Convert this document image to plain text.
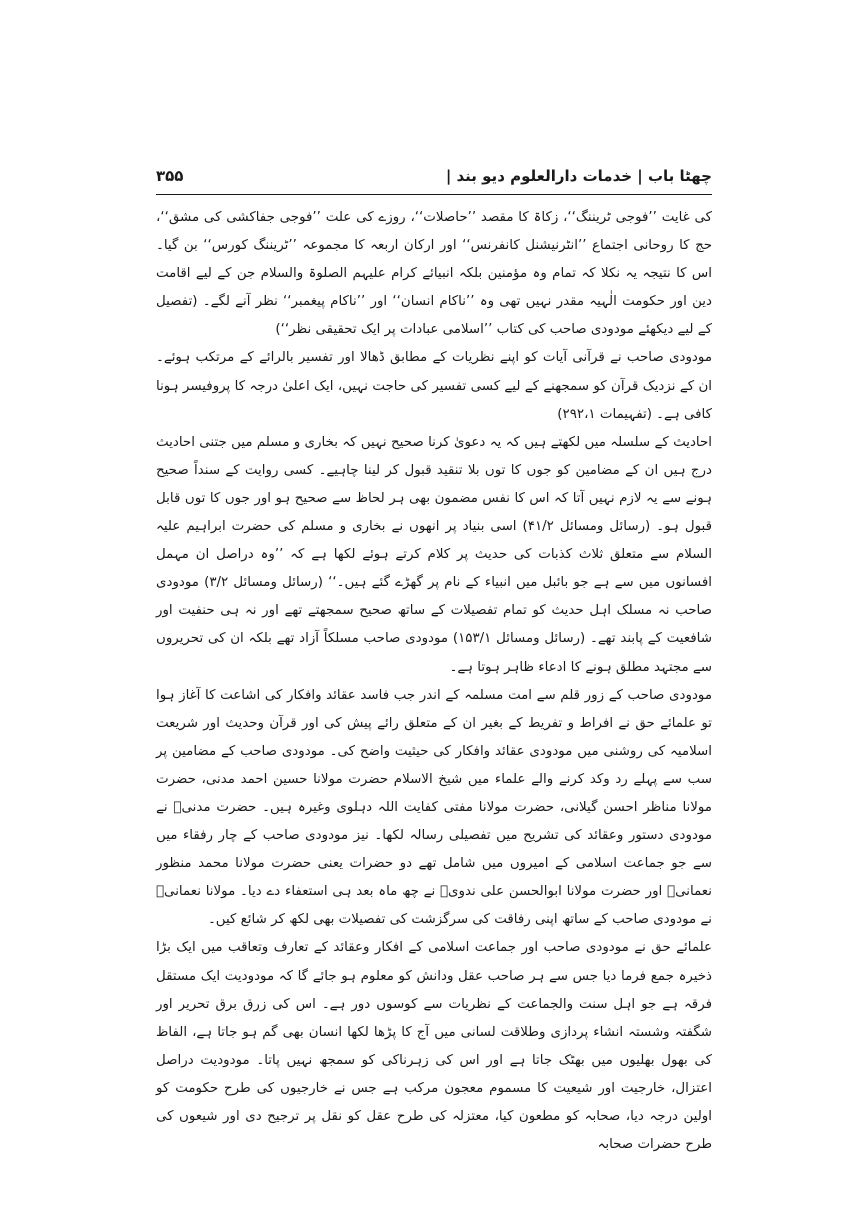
چھٹا باب | خدمات دارالعلوم دیو بند |
۳۵۵

کی غایت ’’فوجی ٹریننگ‘‘، زکاۃ کا مقصد ’’حاصلات‘‘، روزے کی علت ’’فوجی جفاکشی کی مشق‘‘، حج کا روحانی اجتماع ’’انٹرنیشنل کانفرنس‘‘ اور ارکان اربعہ کا مجموعہ ’’ٹریننگ کورس‘‘ بن گیا۔ اس کا نتیجہ یہ نکلا کہ تمام وہ مؤمنین بلکہ انبیائے کرام علیہم الصلوۃ والسلام جن کے لیے اقامت دین اور حکومت الٰہیہ مقدر نہیں تھی وہ ’’ناکام انسان‘‘ اور ’’ناکام پیغمبر‘‘ نظر آنے لگے۔ (تفصیل کے لیے دیکھئے مودودی صاحب کی کتاب ’’اسلامی عبادات پر ایک تحقیقی نظر‘‘)

مودودی صاحب نے قرآنی آیات کو اپنے نظریات کے مطابق ڈھالا اور تفسیر بالرائے کے مرتکب ہوئے۔ ان کے نزدیک قرآن کو سمجھنے کے لیے کسی تفسیر کی حاجت نہیں، ایک اعلیٰ درجہ کا پروفیسر ہونا کافی ہے۔ (تفہیمات ۲۹۲،۱)

احادیث کے سلسلہ میں لکھتے ہیں کہ یہ دعویٰ کرنا صحیح نہیں کہ بخاری و مسلم میں جتنی احادیث درج ہیں ان کے مضامین کو جوں کا توں بلا تنقید قبول کر لینا چاہیے۔ کسی روایت کے سنداً صحیح ہونے سے یہ لازم نہیں آتا کہ اس کا نفس مضمون بھی ہر لحاظ سے صحیح ہو اور جوں کا توں قابل قبول ہو۔ (رسائل ومسائل ۴۱/۲) اسی بنیاد پر انھوں نے بخاری و مسلم کی حضرت ابراہیم علیہ السلام سے متعلق ثلاث کذبات کی حدیث پر کلام کرتے ہوئے لکھا ہے کہ ’’وہ دراصل ان مہمل افسانوں میں سے ہے جو بائبل میں انبیاء کے نام پر گھڑے گئے ہیں۔‘‘ (رسائل ومسائل ۳/۲) مودودی صاحب نہ مسلک اہل حدیث کو تمام تفصیلات کے ساتھ صحیح سمجھتے تھے اور نہ ہی حنفیت اور شافعیت کے پابند تھے۔ (رسائل ومسائل ۱۵۳/۱) مودودی صاحب مسلکاً آزاد تھے بلکہ ان کی تحریروں سے مجتہد مطلق ہونے کا ادعاء ظاہر ہوتا ہے۔

مودودی صاحب کے زور قلم سے امت مسلمہ کے اندر جب فاسد عقائد وافکار کی اشاعت کا آغاز ہوا تو علمائے حق نے افراط و تفریط کے بغیر ان کے متعلق رائے پیش کی اور قرآن وحدیث اور شریعت اسلامیہ کی روشنی میں مودودی عقائد وافکار کی حیثیت واضح کی۔ مودودی صاحب کے مضامین پر سب سے پہلے رد وکد کرنے والے علماء میں شیخ الاسلام حضرت مولانا حسین احمد مدنی، حضرت مولانا مناظر احسن گیلانی، حضرت مولانا مفتی کفایت اللہ دہلوی وغیرہ ہیں۔ حضرت مدنیؒ نے مودودی دستور وعقائد کی تشریح میں تفصیلی رسالہ لکھا۔ نیز مودودی صاحب کے چار رفقاء میں سے جو جماعت اسلامی کے امیروں میں شامل تھے دو حضرات یعنی حضرت مولانا محمد منظور نعمانیؒ اور حضرت مولانا ابوالحسن علی ندویؒ نے چھ ماہ بعد ہی استعفاء دے دیا۔ مولانا نعمانیؒ نے مودودی صاحب کے ساتھ اپنی رفاقت کی سرگزشت کی تفصیلات بھی لکھ کر شائع کیں۔

علمائے حق نے مودودی صاحب اور جماعت اسلامی کے افکار وعقائد کے تعارف وتعاقب میں ایک بڑا ذخیرہ جمع فرما دیا جس سے ہر صاحب عقل ودانش کو معلوم ہو جائے گا کہ مودودیت ایک مستقل فرقہ ہے جو اہل سنت والجماعت کے نظریات سے کوسوں دور ہے۔ اس کی زرق برق تحریر اور شگفتہ وشستہ انشاء پردازی وطلاقت لسانی میں آج کا پڑھا لکھا انسان بھی گم ہو جاتا ہے، الفاظ کی بھول بھلیوں میں بھٹک جاتا ہے اور اس کی زہرناکی کو سمجھ نہیں پاتا۔ مودودیت دراصل اعتزال، خارجیت اور شیعیت کا مسموم معجون مرکب ہے جس نے خارجیوں کی طرح حکومت کو اولین درجہ دیا، صحابہ کو مطعون کیا، معتزلہ کی طرح عقل کو نقل پر ترجیح دی اور شیعوں کی طرح حضرات صحابہ
